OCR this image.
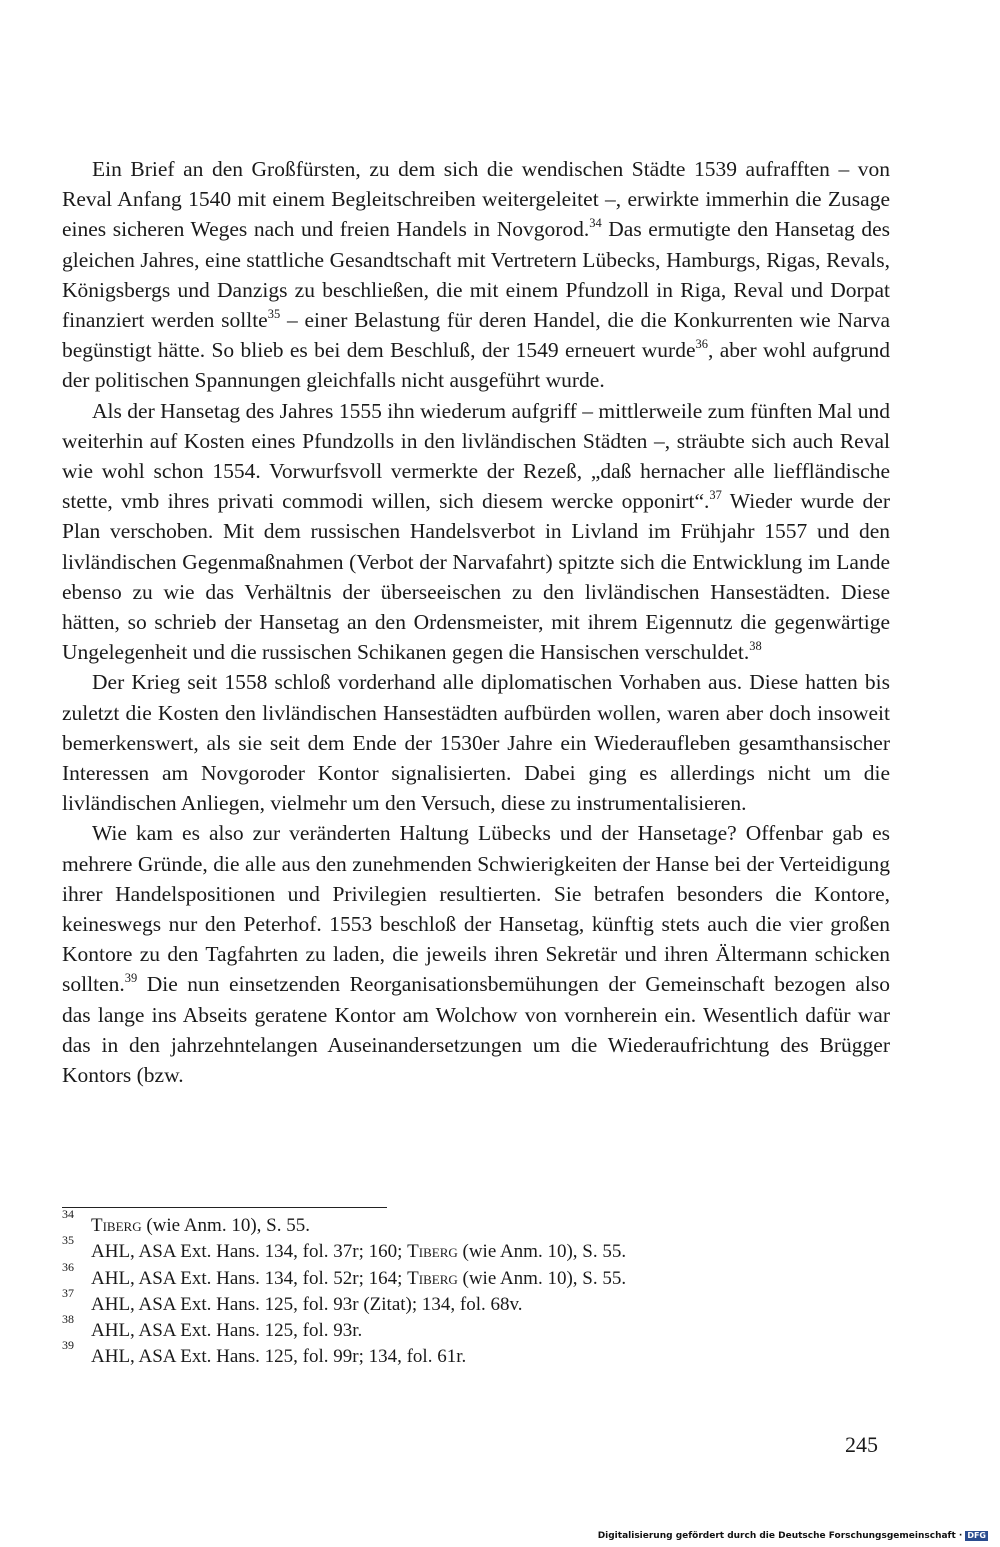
Ein Brief an den Großfürsten, zu dem sich die wendischen Städte 1539 aufrafften – von Reval Anfang 1540 mit einem Begleitschreiben weitergeleitet –, erwirkte immerhin die Zusage eines sicheren Weges nach und freien Handels in Novgorod.$^{34}$ Das ermutigte den Hansetag des gleichen Jahres, eine stattliche Gesandtschaft mit Vertretern Lübecks, Hamburgs, Rigas, Revals, Königsbergs und Danzigs zu beschließen, die mit einem Pfundzoll in Riga, Reval und Dorpat finanziert werden sollte$^{35}$ – einer Belastung für deren Handel, die die Konkurrenten wie Narva begünstigt hätte. So blieb es bei dem Beschluß, der 1549 erneuert wurde$^{36}$, aber wohl aufgrund der politischen Spannungen gleichfalls nicht ausgeführt wurde.

Als der Hansetag des Jahres 1555 ihn wiederum aufgriff – mittlerweile zum fünften Mal und weiterhin auf Kosten eines Pfundzolls in den livländischen Städten –, sträubte sich auch Reval wie wohl schon 1554. Vorwurfsvoll vermerkte der Rezeß, „daß hernacher alle lieffländische stette, vmb ihres privati commodi willen, sich diesem wercke opponirt“.$^{37}$ Wieder wurde der Plan verschoben. Mit dem russischen Handelsverbot in Livland im Frühjahr 1557 und den livländischen Gegenmaßnahmen (Verbot der Narvafahrt) spitzte sich die Entwicklung im Lande ebenso zu wie das Verhältnis der überseeischen zu den livländischen Hansestädten. Diese hätten, so schrieb der Hansetag an den Ordensmeister, mit ihrem Eigennutz die gegenwärtige Ungelegenheit und die russischen Schikanen gegen die Hansischen verschuldet.$^{38}$

Der Krieg seit 1558 schloß vorderhand alle diplomatischen Vorhaben aus. Diese hatten bis zuletzt die Kosten den livländischen Hansestädten aufbürden wollen, waren aber doch insoweit bemerkenswert, als sie seit dem Ende der 1530er Jahre ein Wiederaufleben gesamthansischer Interessen am Novgoroder Kontor signalisierten. Dabei ging es allerdings nicht um die livländischen Anliegen, vielmehr um den Versuch, diese zu instrumentalisieren.

Wie kam es also zur veränderten Haltung Lübecks und der Hansetage? Offenbar gab es mehrere Gründe, die alle aus den zunehmenden Schwierigkeiten der Hanse bei der Verteidigung ihrer Handelspositionen und Privilegien resultierten. Sie betrafen besonders die Kontore, keineswegs nur den Peterhof. 1553 beschloß der Hansetag, künftig stets auch die vier großen Kontore zu den Tagfahrten zu laden, die jeweils ihren Sekretär und ihren Ältermann schicken sollten.$^{39}$ Die nun einsetzenden Reorganisationsbemühungen der Gemeinschaft bezogen also das lange ins Abseits geratene Kontor am Wolchow von vornherein ein. Wesentlich dafür war das in den jahrzehntelangen Auseinandersetzungen um die Wiederaufrichtung des Brügger Kontors (bzw.

34
Tiberg (wie Anm. 10), S. 55.
35
AHL, ASA Ext. Hans. 134, fol. 37r; 160; Tiberg (wie Anm. 10), S. 55.
36
AHL, ASA Ext. Hans. 134, fol. 52r; 164; Tiberg (wie Anm. 10), S. 55.
37
AHL, ASA Ext. Hans. 125, fol. 93r (Zitat); 134, fol. 68v.
38
AHL, ASA Ext. Hans. 125, fol. 93r.
39
AHL, ASA Ext. Hans. 125, fol. 99r; 134, fol. 61r.
245
Digitalisierung gefördert durch die Deutsche Forschungsgemeinschaft · DFG
